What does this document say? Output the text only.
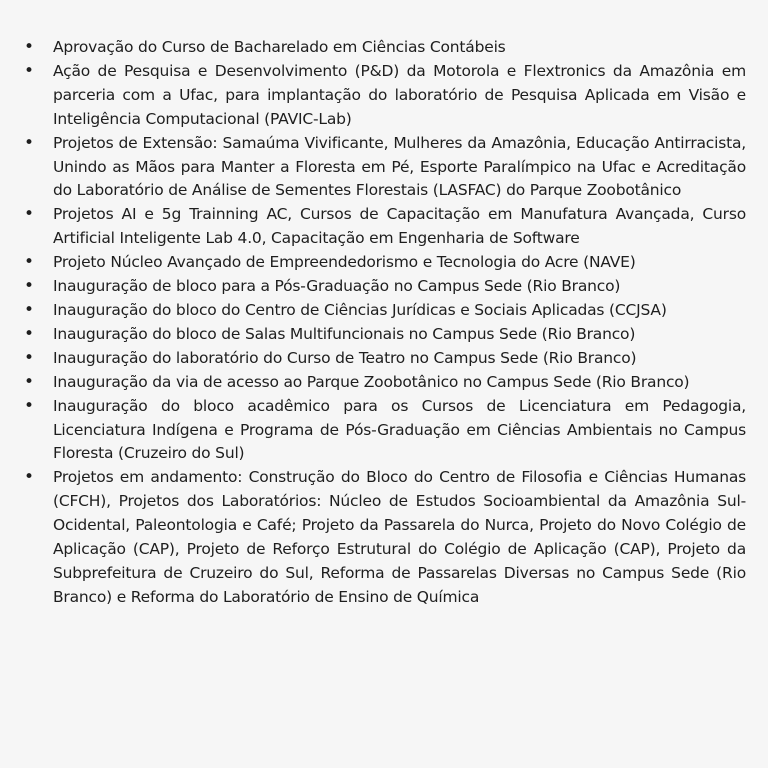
• Aprovação do Curso de Bacharelado em Ciências Contábeis
• Ação de Pesquisa e Desenvolvimento (P&D) da Motorola e Flextronics da Amazônia em parceria com a Ufac, para implantação do laboratório de Pesquisa Aplicada em Visão e Inteligência Computacional (PAVIC-Lab)
• Projetos de Extensão: Samaúma Vivificante, Mulheres da Amazônia, Educação Antirracista, Unindo as Mãos para Manter a Floresta em Pé, Esporte Paralímpico na Ufac e Acreditação do Laboratório de Análise de Sementes Florestais (LASFAC) do Parque Zoobotânico
• Projetos AI e 5g Trainning AC, Cursos de Capacitação em Manufatura Avançada, Curso Artificial Inteligente Lab 4.0, Capacitação em Engenharia de Software
• Projeto Núcleo Avançado de Empreendedorismo e Tecnologia do Acre (NAVE)
• Inauguração de bloco para a Pós-Graduação no Campus Sede (Rio Branco)
• Inauguração do bloco do Centro de Ciências Jurídicas e Sociais Aplicadas (CCJSA)
• Inauguração do bloco de Salas Multifuncionais no Campus Sede (Rio Branco)
• Inauguração do laboratório do Curso de Teatro no Campus Sede (Rio Branco)
• Inauguração da via de acesso ao Parque Zoobotânico no Campus Sede (Rio Branco)
• Inauguração do bloco acadêmico para os Cursos de Licenciatura em Pedagogia, Licenciatura Indígena e Programa de Pós-Graduação em Ciências Ambientais no Campus Floresta (Cruzeiro do Sul)
• Projetos em andamento: Construção do Bloco do Centro de Filosofia e Ciências Humanas (CFCH), Projetos dos Laboratórios: Núcleo de Estudos Socioambiental da Amazônia Sul-Ocidental, Paleontologia e Café; Projeto da Passarela do Nurca, Projeto do Novo Colégio de Aplicação (CAP), Projeto de Reforço Estrutural do Colégio de Aplicação (CAP), Projeto da Subprefeitura de Cruzeiro do Sul, Reforma de Passarelas Diversas no Campus Sede (Rio Branco) e Reforma do Laboratório de Ensino de Química
